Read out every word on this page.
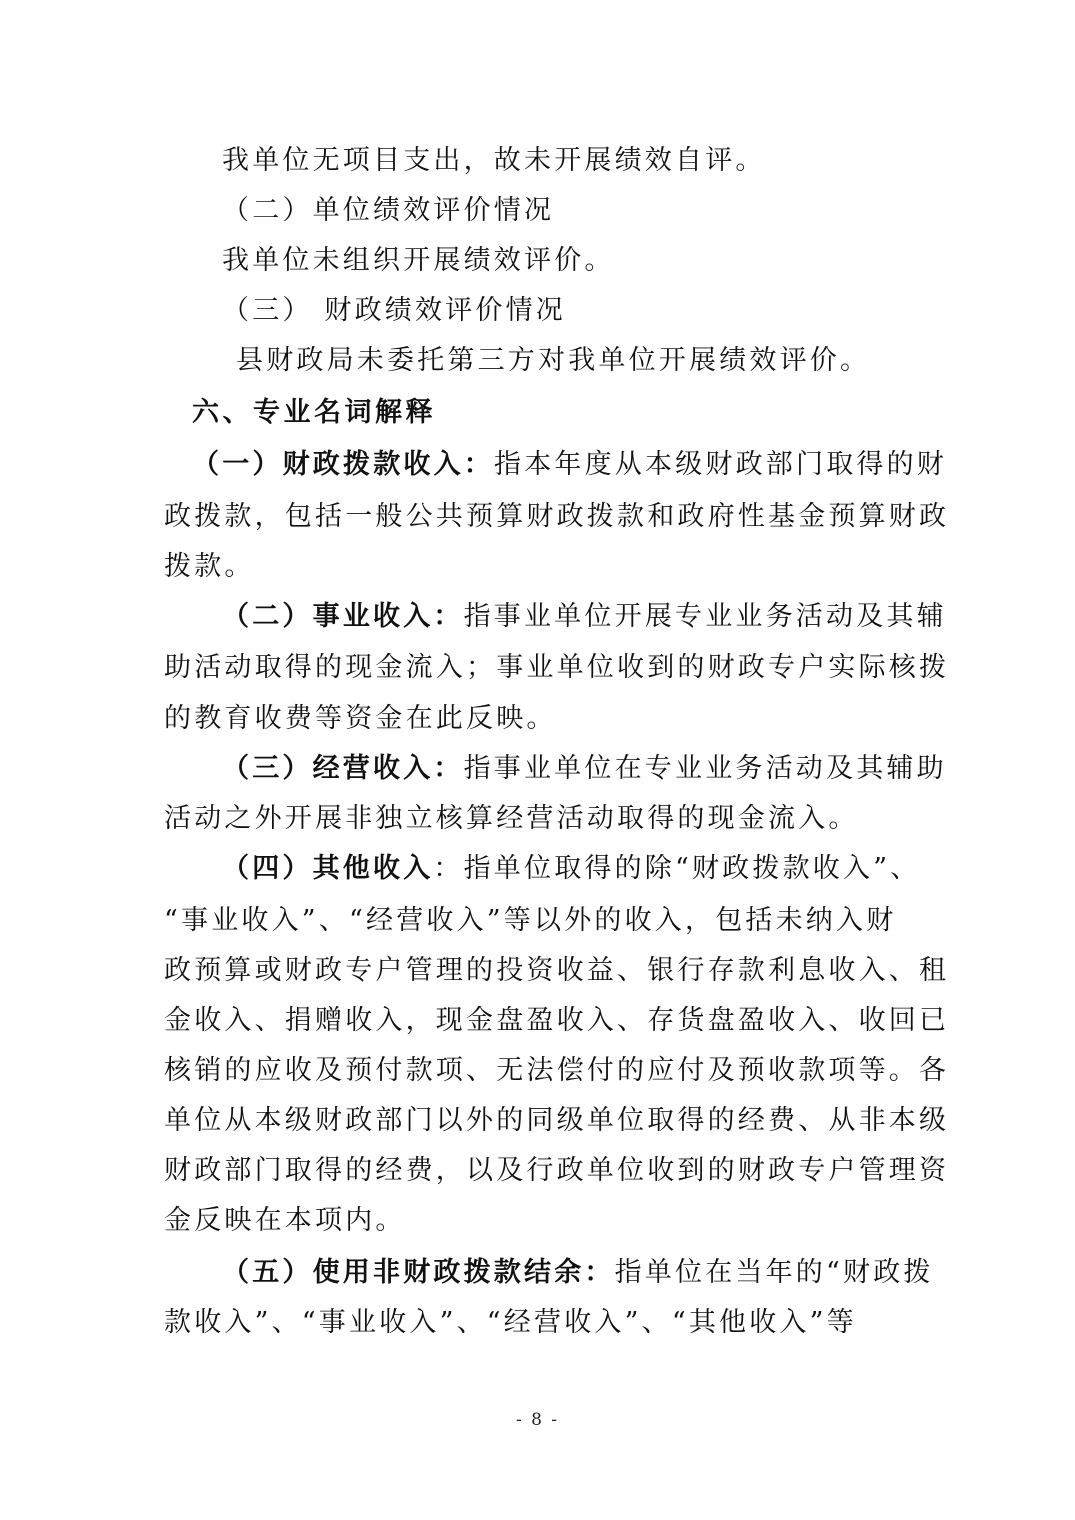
我单位无项目支出，故未开展绩效自评。
（二）单位绩效评价情况
我单位未组织开展绩效评价。
（三） 财政绩效评价情况
县财政局未委托第三方对我单位开展绩效评价。
六、专业名词解释
（一）财政拨款收入：指本年度从本级财政部门取得的财
政拨款，包括一般公共预算财政拨款和政府性基金预算财政
拨款。
（二）事业收入：指事业单位开展专业业务活动及其辅
助活动取得的现金流入；事业单位收到的财政专户实际核拨
的教育收费等资金在此反映。
（三）经营收入：指事业单位在专业业务活动及其辅助
活动之外开展非独立核算经营活动取得的现金流入。
（四）其他收入：指单位取得的除“财政拨款收入”、
“事业收入”、“经营收入”等以外的收入，包括未纳入财
政预算或财政专户管理的投资收益、银行存款利息收入、租
金收入、捐赠收入，现金盘盈收入、存货盘盈收入、收回已
核销的应收及预付款项、无法偿付的应付及预收款项等。各
单位从本级财政部门以外的同级单位取得的经费、从非本级
财政部门取得的经费，以及行政单位收到的财政专户管理资
金反映在本项内。
（五）使用非财政拨款结余：指单位在当年的“财政拨
款收入”、“事业收入”、“经营收入”、“其他收入”等
- 8 -
